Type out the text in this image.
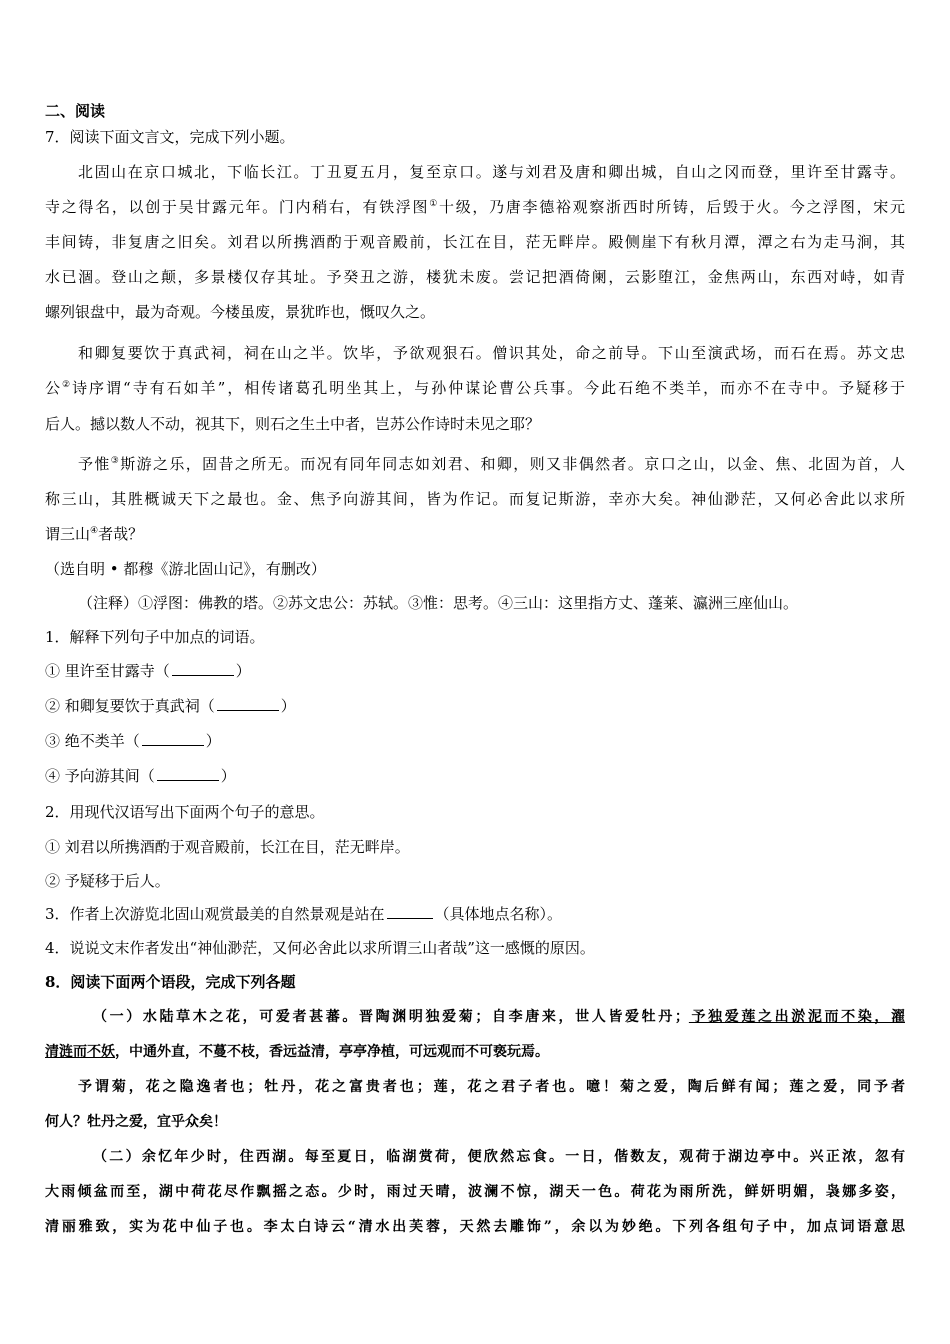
二、阅读
7．阅读下面文言文，完成下列小题。
北固山在京口城北，下临长江。丁丑夏五月，复至京口。遂与刘君及唐和卿出城，自山之冈而登，里许至甘露寺。
寺之得名，以创于吴甘露元年。门内稍右，有铁浮图①十级，乃唐李德裕观察浙西时所铸，后毁于火。今之浮图，宋元
丰间铸，非复唐之旧矣。刘君以所携酒酌于观音殿前，长江在目，茫无畔岸。殿侧崖下有秋月潭，潭之右为走马涧，其
水已涸。登山之颠，多景楼仅存其址。予癸丑之游，楼犹未废。尝记把酒倚阑，云影堕江，金焦两山，东西对峙，如青
螺列银盘中，最为奇观。今楼虽废，景犹昨也，慨叹久之。
和卿复要饮于真武祠，祠在山之半。饮毕，予欲观狠石。僧识其处，命之前导。下山至演武场，而石在焉。苏文忠
公②诗序谓“寺有石如羊”，相传诸葛孔明坐其上，与孙仲谋论曹公兵事。今此石绝不类羊，而亦不在寺中。予疑移于
后人。撼以数人不动，视其下，则石之生土中者，岂苏公作诗时未见之耶？
予惟③斯游之乐，固昔之所无。而况有同年同志如刘君、和卿，则又非偶然者。京口之山，以金、焦、北固为首，人
称三山，其胜概诚天下之最也。金、焦予向游其间，皆为作记。而复记斯游，幸亦大矣。神仙渺茫，又何必舍此以求所
谓三山④者哉？
（选自明 • 都穆《游北固山记》，有删改）
（注释）①浮图：佛教的塔。②苏文忠公：苏轼。③惟：思考。④三山：这里指方丈、蓬莱、瀛洲三座仙山。
1．解释下列句子中加点的词语。
① 里许至甘露寺（	）
② 和卿复要饮于真武祠（	）
③ 绝不类羊（	）
④ 予向游其间（	）
2．用现代汉语写出下面两个句子的意思。
① 刘君以所携酒酌于观音殿前，长江在目，茫无畔岸。
② 予疑移于后人。
3．作者上次游览北固山观赏最美的自然景观是站在	（具体地点名称）。
4．说说文末作者发出“神仙渺茫，又何必舍此以求所谓三山者哉”这一感慨的原因。
8．阅读下面两个语段，完成下列各题
（一）水陆草木之花，可爱者甚蕃。晋陶渊明独爱菊；自李唐来，世人皆爱牡丹；予独爱莲之出淤泥而不染，濯
清涟而不妖，中通外直，不蔓不枝，香远益清，亭亭净植，可远观而不可亵玩焉。
予谓菊，花之隐逸者也；牡丹，花之富贵者也；莲，花之君子者也。噫！菊之爱，陶后鲜有闻；莲之爱，同予者
何人？牡丹之爱，宜乎众矣！
（二）余忆年少时，住西湖。每至夏日，临湖赏荷，便欣然忘食。一日，偕数友，观荷于湖边亭中。兴正浓，忽有
大雨倾盆而至，湖中荷花尽作飘摇之态。少时，雨过天晴，波澜不惊，湖天一色。荷花为雨所洗，鲜妍明媚，袅娜多姿，
清丽雅致，实为花中仙子也。李太白诗云“清水出芙蓉，天然去雕饰”，余以为妙绝。下列各组句子中，加点词语意思
